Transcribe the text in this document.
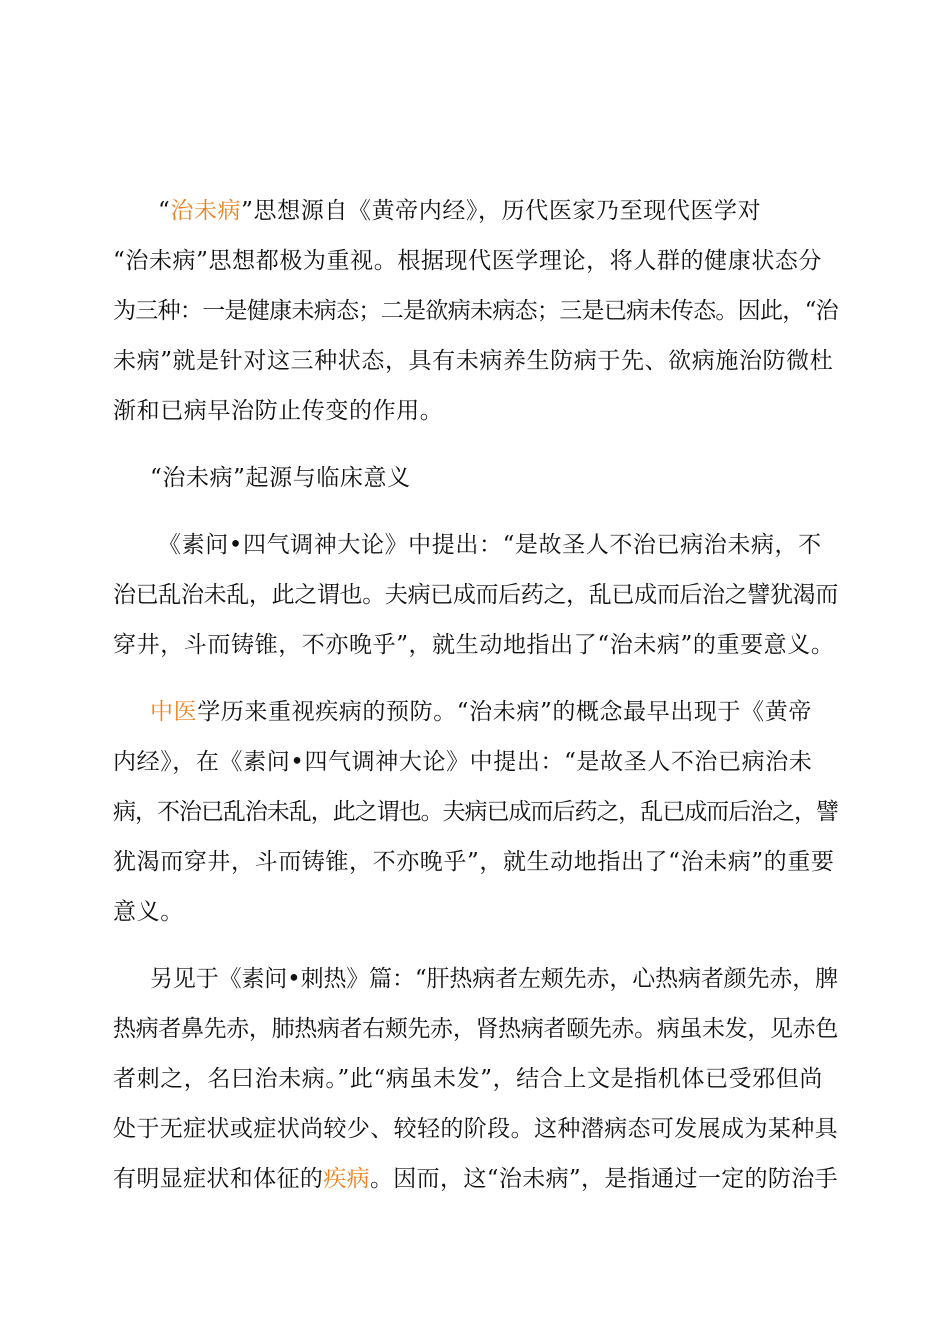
“治未病”思想源自《黄帝内经》，历代医家乃至现代医学对
“治未病”思想都极为重视。根据现代医学理论，将人群的健康状态分
为三种：一是健康未病态；二是欲病未病态；三是已病未传态。因此，“治
未病”就是针对这三种状态，具有未病养生防病于先、欲病施治防微杜
渐和已病早治防止传变的作用。
“治未病”起源与临床意义
《素问•四气调神大论》中提出：“是故圣人不治已病治未病，不
治已乱治未乱，此之谓也。夫病已成而后药之，乱已成而后治之譬犹渴而
穿井，斗而铸锥，不亦晚乎”，就生动地指出了“治未病”的重要意义。
中医学历来重视疾病的预防。“治未病”的概念最早出现于《黄帝
内经》，在《素问•四气调神大论》中提出：“是故圣人不治已病治未
病，不治已乱治未乱，此之谓也。夫病已成而后药之，乱已成而后治之，譬
犹渴而穿井，斗而铸锥，不亦晚乎”，就生动地指出了“治未病”的重要
意义。
另见于《素问•刺热》篇：“肝热病者左颊先赤，心热病者颜先赤，脾
热病者鼻先赤，肺热病者右颊先赤，肾热病者颐先赤。病虽未发，见赤色
者刺之，名曰治未病。”此“病虽未发”，结合上文是指机体已受邪但尚
处于无症状或症状尚较少、较轻的阶段。这种潜病态可发展成为某种具
有明显症状和体征的疾病。因而，这“治未病”，是指通过一定的防治手
